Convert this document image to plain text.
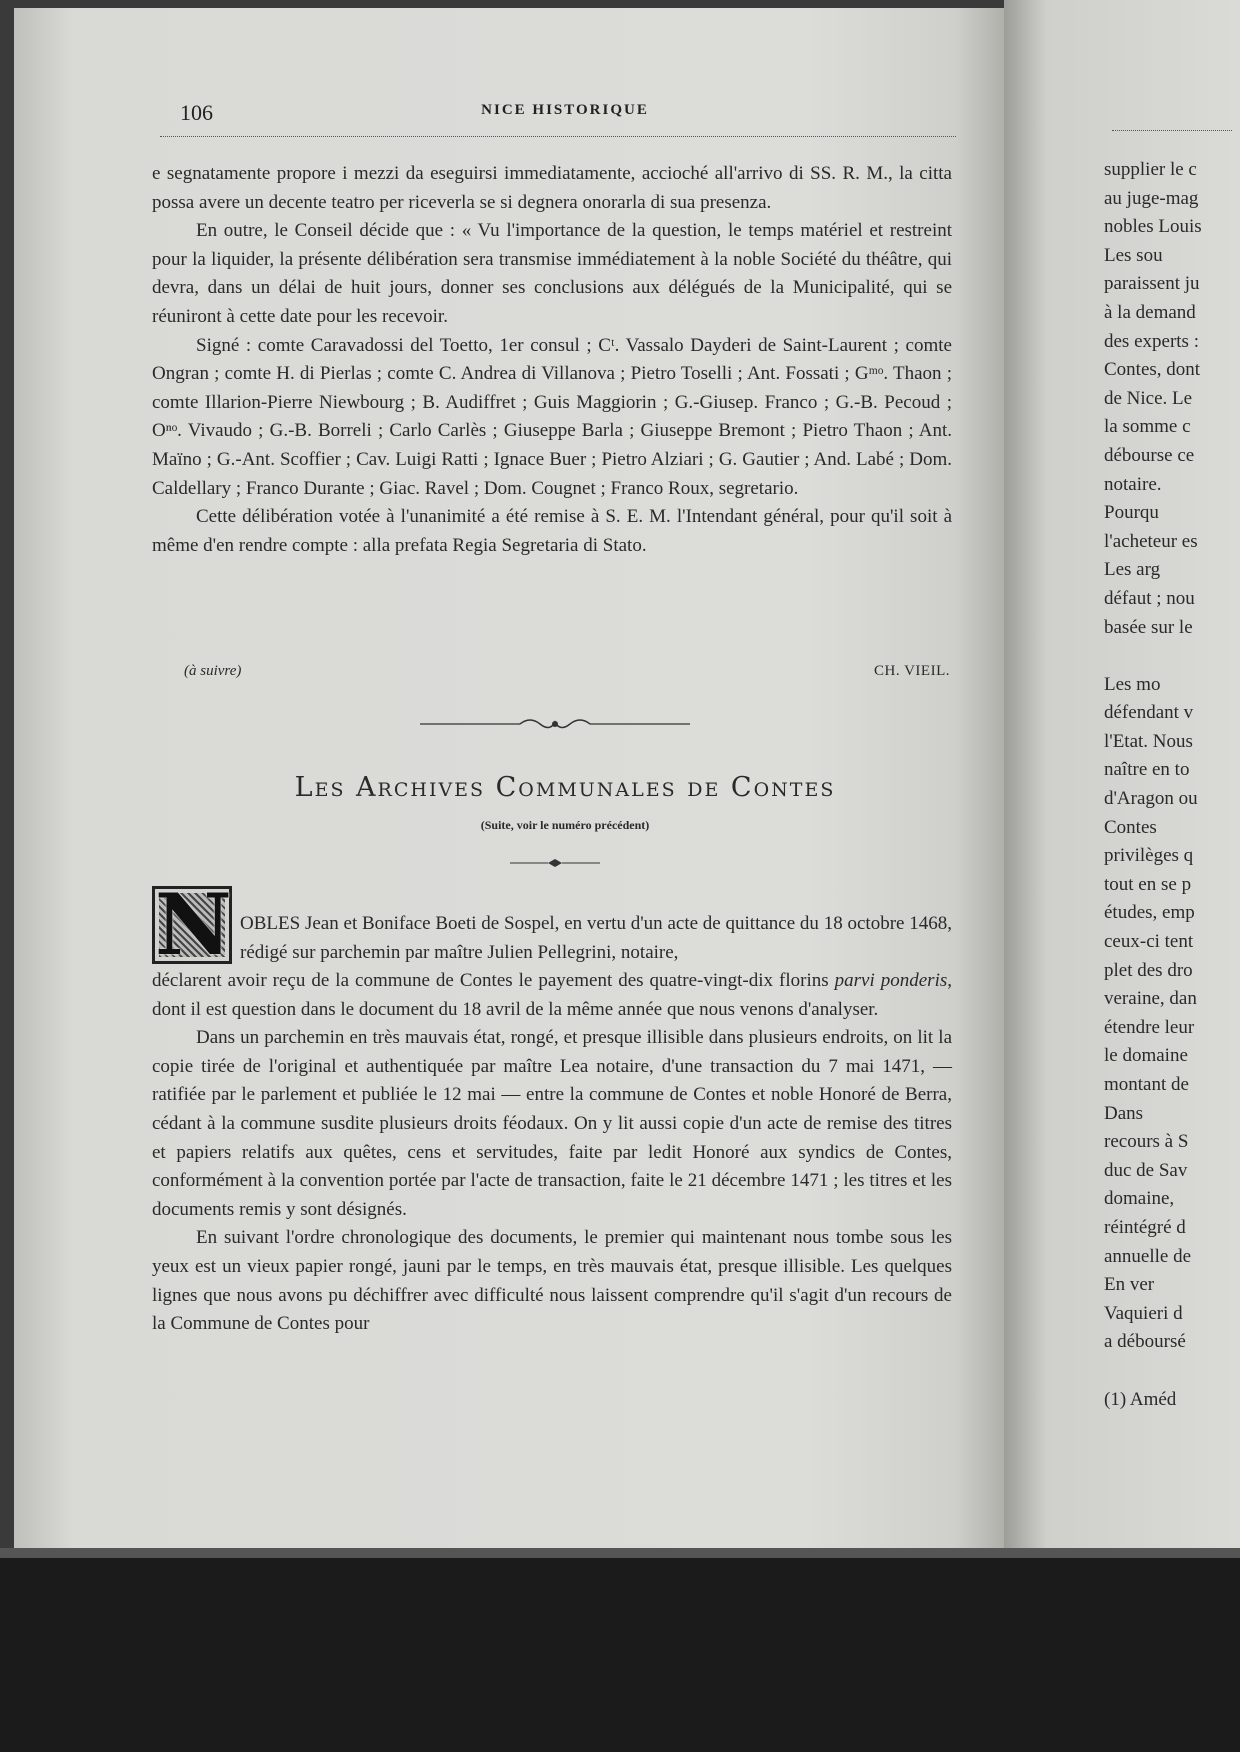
106	NICE HISTORIQUE

e segnatamente propore i mezzi da eseguirsi immediatamente, acciоché all'arrivo di SS. R. M., la citta possa avere un decente teatro per riceverla se si degnera onorarla di sua presenza.

En outre, le Conseil décide que : « Vu l'importance de la question, le temps matériel et restreint pour la liquider, la présente délibération sera transmise immédiatement à la noble Société du théâtre, qui devra, dans un délai de huit jours, donner ses conclusions aux délégués de la Municipalité, qui se réuniront à cette date pour les recevoir.

Signé : comte Caravadossi del Toetto, 1er consul ; Cᵗ. Vassalo Dayderi de Saint-Laurent ; comte Ongran ; comte H. di Pierlas ; comte C. Andrea di Villanova ; Pietro Toselli ; Ant. Fossati ; Gᵐᵒ. Thaon ; comte Illarion-Pierre Niewbourg ; B. Audiffret ; Guis Maggiorin ; G.-Giusep. Franco ; G.-B. Pecoud ; Oⁿᵒ. Vivaudo ; G.-B. Borreli ; Carlo Carlès ; Giuseppe Barla ; Giuseppe Bremont ; Pietro Thaon ; Ant. Maïno ; G.-Ant. Scoffier ; Cav. Luigi Ratti ; Ignace Buer ; Pietro Alziari ; G. Gautier ; And. Labé ; Dom. Caldellary ; Franco Durante ; Giac. Ravel ; Dom. Cougnet ; Franco Roux, segretario.

Cette délibération votée à l'unanimité a été remise à S. E. M. l'Intendant général, pour qu'il soit à même d'en rendre compte : alla prefata Regia Segretaria di Stato.

(à suivre)	CH. VIEIL.
Les Archives Communales de Contes
(Suite, voir le numéro précédent)
N OBLES Jean et Boniface Boeti de Sospel, en vertu d'un acte de quittance du 18 octobre 1468, rédigé sur parchemin par maître Julien Pellegrini, notaire,

déclarent avoir reçu de la commune de Contes le payement des quatre-vingt-dix florins parvi ponderis, dont il est question dans le document du 18 avril de la même année que nous venons d'analyser.

Dans un parchemin en très mauvais état, rongé, et presque illisible dans plusieurs endroits, on lit la copie tirée de l'original et authentiquée par maître Lea notaire, d'une transaction du 7 mai 1471, — ratifiée par le parlement et publiée le 12 mai — entre la commune de Contes et noble Honoré de Berra, cédant à la commune susdite plusieurs droits féodaux. On y lit aussi copie d'un acte de remise des titres et papiers relatifs aux quêtes, cens et servitudes, faite par ledit Honoré aux syndics de Contes, conformément à la convention portée par l'acte de transaction, faite le 21 décembre 1471 ; les titres et les documents remis y sont désignés.

En suivant l'ordre chronologique des documents, le premier qui maintenant nous tombe sous les yeux est un vieux papier rongé, jauni par le temps, en très mauvais état, presque illisible. Les quelques lignes que nous avons pu déchiffrer avec difficulté nous laissent comprendre qu'il s'agit d'un recours de la Commune de Contes pour

supplier le c
au juge-mag
nobles Louis
Les sou
paraissent ju
à la demand
des experts :
Contes, dont
de Nice. Le
la somme c
débourse ce
notaire.
Pourqu
l'acheteur es
Les arg
défaut ; nou
basée sur le
Les mo
défendant v
l'Etat. Nous
naître en to
d'Aragon ou
Contes
privilèges q
tout en se p
études, emp
ceux-ci tent
plet des dro
veraine, dan
étendre leur
le domaine
montant de
Dans
recours à S
duc de Sav
domaine,
réintégré d
annuelle de
En ver
Vaquieri d
a déboursé
(1) Améd
